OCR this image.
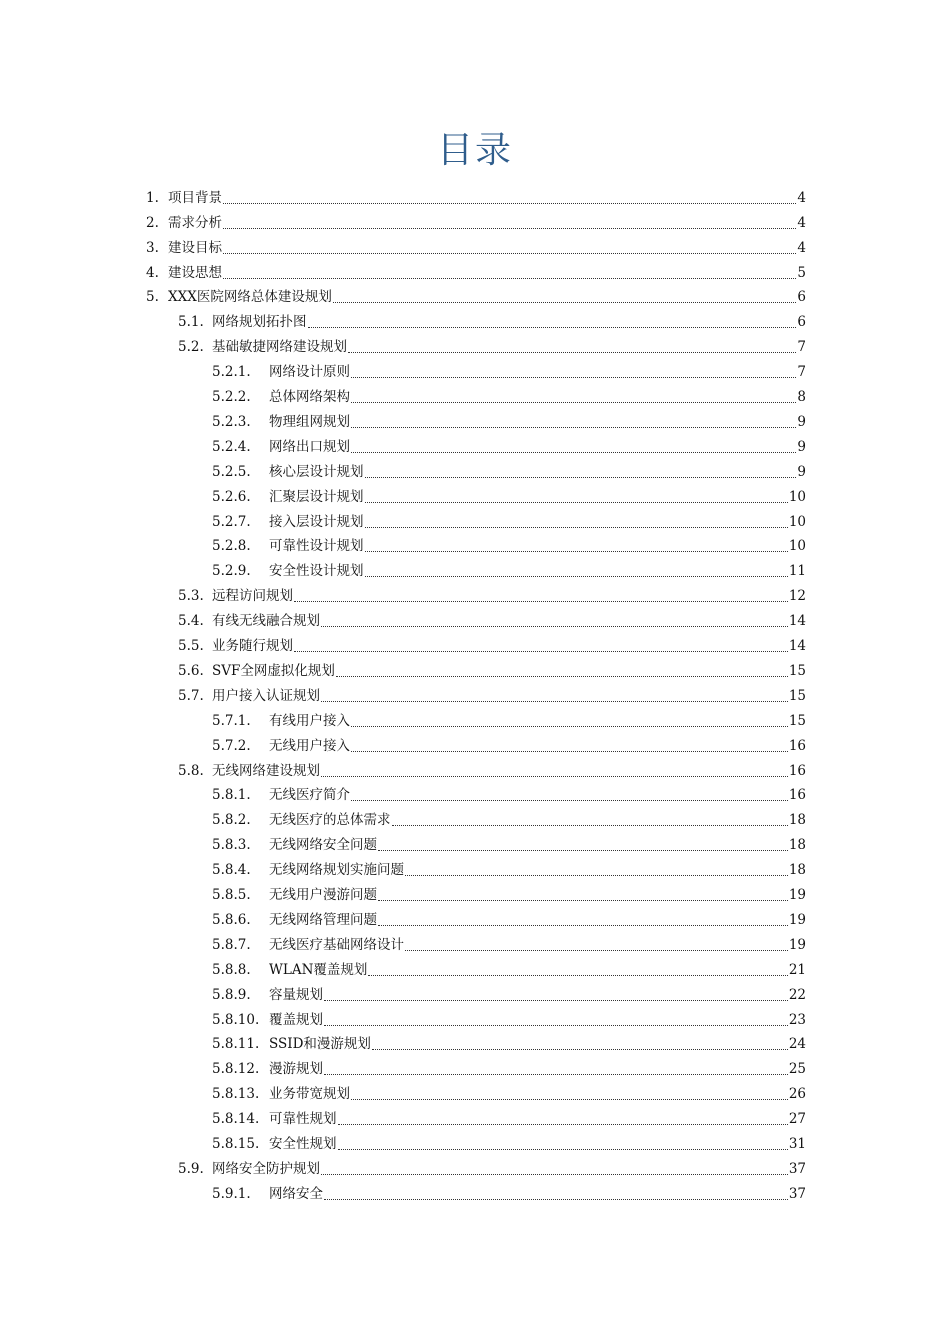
目录
1. 项目背景	4
2. 需求分析	4
3. 建设目标	4
4. 建设思想	5
5. XXX医院网络总体建设规划	6
5.1. 网络规划拓扑图	6
5.2. 基础敏捷网络建设规划	7
5.2.1.	网络设计原则	7
5.2.2.	总体网络架构	8
5.2.3.	物理组网规划	9
5.2.4.	网络出口规划	9
5.2.5.	核心层设计规划	9
5.2.6.	汇聚层设计规划	10
5.2.7.	接入层设计规划	10
5.2.8.	可靠性设计规划	10
5.2.9.	安全性设计规划	11
5.3. 远程访问规划	12
5.4. 有线无线融合规划	14
5.5. 业务随行规划	14
5.6. SVF全网虚拟化规划	15
5.7. 用户接入认证规划	15
5.7.1.	有线用户接入	15
5.7.2.	无线用户接入	16
5.8. 无线网络建设规划	16
5.8.1.	无线医疗简介	16
5.8.2.	无线医疗的总体需求	18
5.8.3.	无线网络安全问题	18
5.8.4.	无线网络规划实施问题	18
5.8.5.	无线用户漫游问题	19
5.8.6.	无线网络管理问题	19
5.8.7.	无线医疗基础网络设计	19
5.8.8.	WLAN覆盖规划	21
5.8.9.	容量规划	22
5.8.10. 覆盖规划	23
5.8.11. SSID和漫游规划	24
5.8.12. 漫游规划	25
5.8.13. 业务带宽规划	26
5.8.14. 可靠性规划	27
5.8.15. 安全性规划	31
5.9. 网络安全防护规划	37
5.9.1.	网络安全	37
